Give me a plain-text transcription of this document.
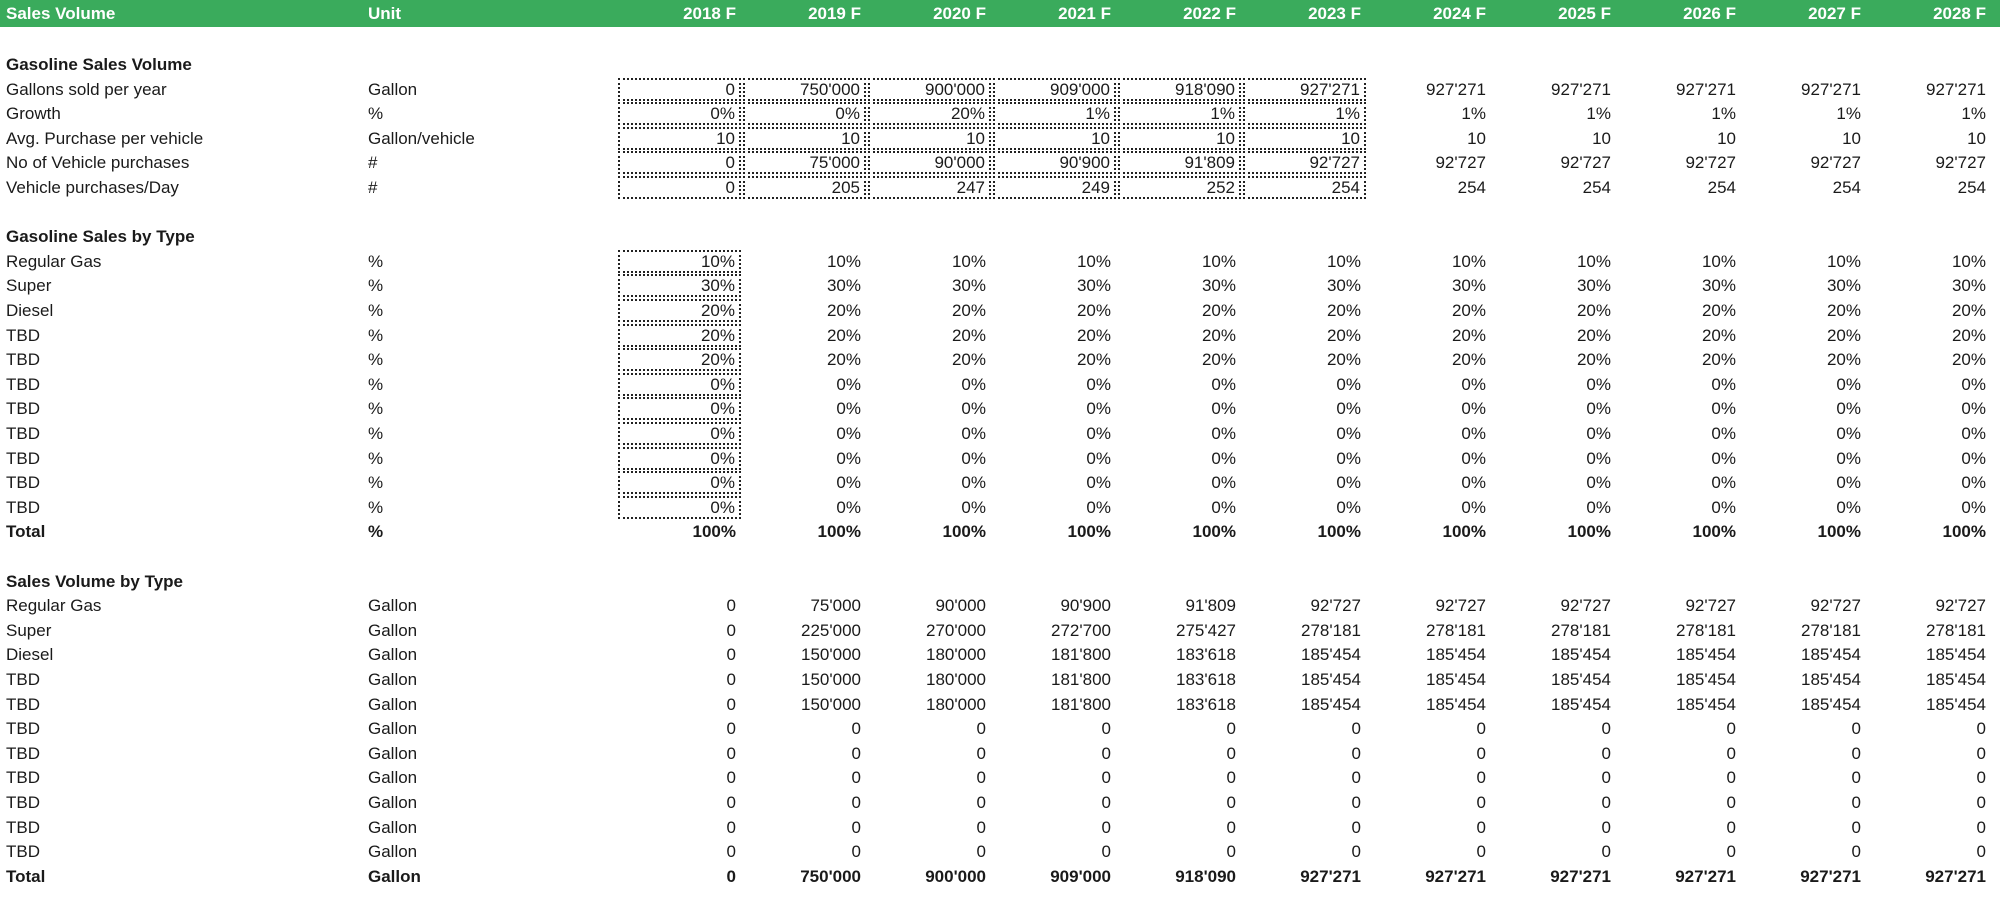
Sales Volume	Unit	2018 F	2019 F	2020 F	2021 F	2022 F	2023 F	2024 F	2025 F	2026 F	2027 F	2028 F
Gasoline Sales Volume
Gallons sold per year	Gallon	0	750'000	900'000	909'000	918'090	927'271	927'271	927'271	927'271	927'271	927'271
Growth	%	0%	0%	20%	1%	1%	1%	1%	1%	1%	1%	1%
Avg. Purchase per vehicle	Gallon/vehicle	10	10	10	10	10	10	10	10	10	10	10
No of Vehicle purchases	#	0	75'000	90'000	90'900	91'809	92'727	92'727	92'727	92'727	92'727	92'727
Vehicle purchases/Day	#	0	205	247	249	252	254	254	254	254	254	254
Gasoline Sales by Type
Regular Gas	%	10%	10%	10%	10%	10%	10%	10%	10%	10%	10%	10%
Super	%	30%	30%	30%	30%	30%	30%	30%	30%	30%	30%	30%
Diesel	%	20%	20%	20%	20%	20%	20%	20%	20%	20%	20%	20%
TBD	%	20%	20%	20%	20%	20%	20%	20%	20%	20%	20%	20%
TBD	%	20%	20%	20%	20%	20%	20%	20%	20%	20%	20%	20%
TBD	%	0%	0%	0%	0%	0%	0%	0%	0%	0%	0%	0%
TBD	%	0%	0%	0%	0%	0%	0%	0%	0%	0%	0%	0%
TBD	%	0%	0%	0%	0%	0%	0%	0%	0%	0%	0%	0%
TBD	%	0%	0%	0%	0%	0%	0%	0%	0%	0%	0%	0%
TBD	%	0%	0%	0%	0%	0%	0%	0%	0%	0%	0%	0%
TBD	%	0%	0%	0%	0%	0%	0%	0%	0%	0%	0%	0%
Total	%	100%	100%	100%	100%	100%	100%	100%	100%	100%	100%	100%
Sales Volume by Type
Regular Gas	Gallon	0	75'000	90'000	90'900	91'809	92'727	92'727	92'727	92'727	92'727	92'727
Super	Gallon	0	225'000	270'000	272'700	275'427	278'181	278'181	278'181	278'181	278'181	278'181
Diesel	Gallon	0	150'000	180'000	181'800	183'618	185'454	185'454	185'454	185'454	185'454	185'454
TBD	Gallon	0	150'000	180'000	181'800	183'618	185'454	185'454	185'454	185'454	185'454	185'454
TBD	Gallon	0	150'000	180'000	181'800	183'618	185'454	185'454	185'454	185'454	185'454	185'454
TBD	Gallon	0	0	0	0	0	0	0	0	0	0	0
TBD	Gallon	0	0	0	0	0	0	0	0	0	0	0
TBD	Gallon	0	0	0	0	0	0	0	0	0	0	0
TBD	Gallon	0	0	0	0	0	0	0	0	0	0	0
TBD	Gallon	0	0	0	0	0	0	0	0	0	0	0
TBD	Gallon	0	0	0	0	0	0	0	0	0	0	0
Total	Gallon	0	750'000	900'000	909'000	918'090	927'271	927'271	927'271	927'271	927'271	927'271
